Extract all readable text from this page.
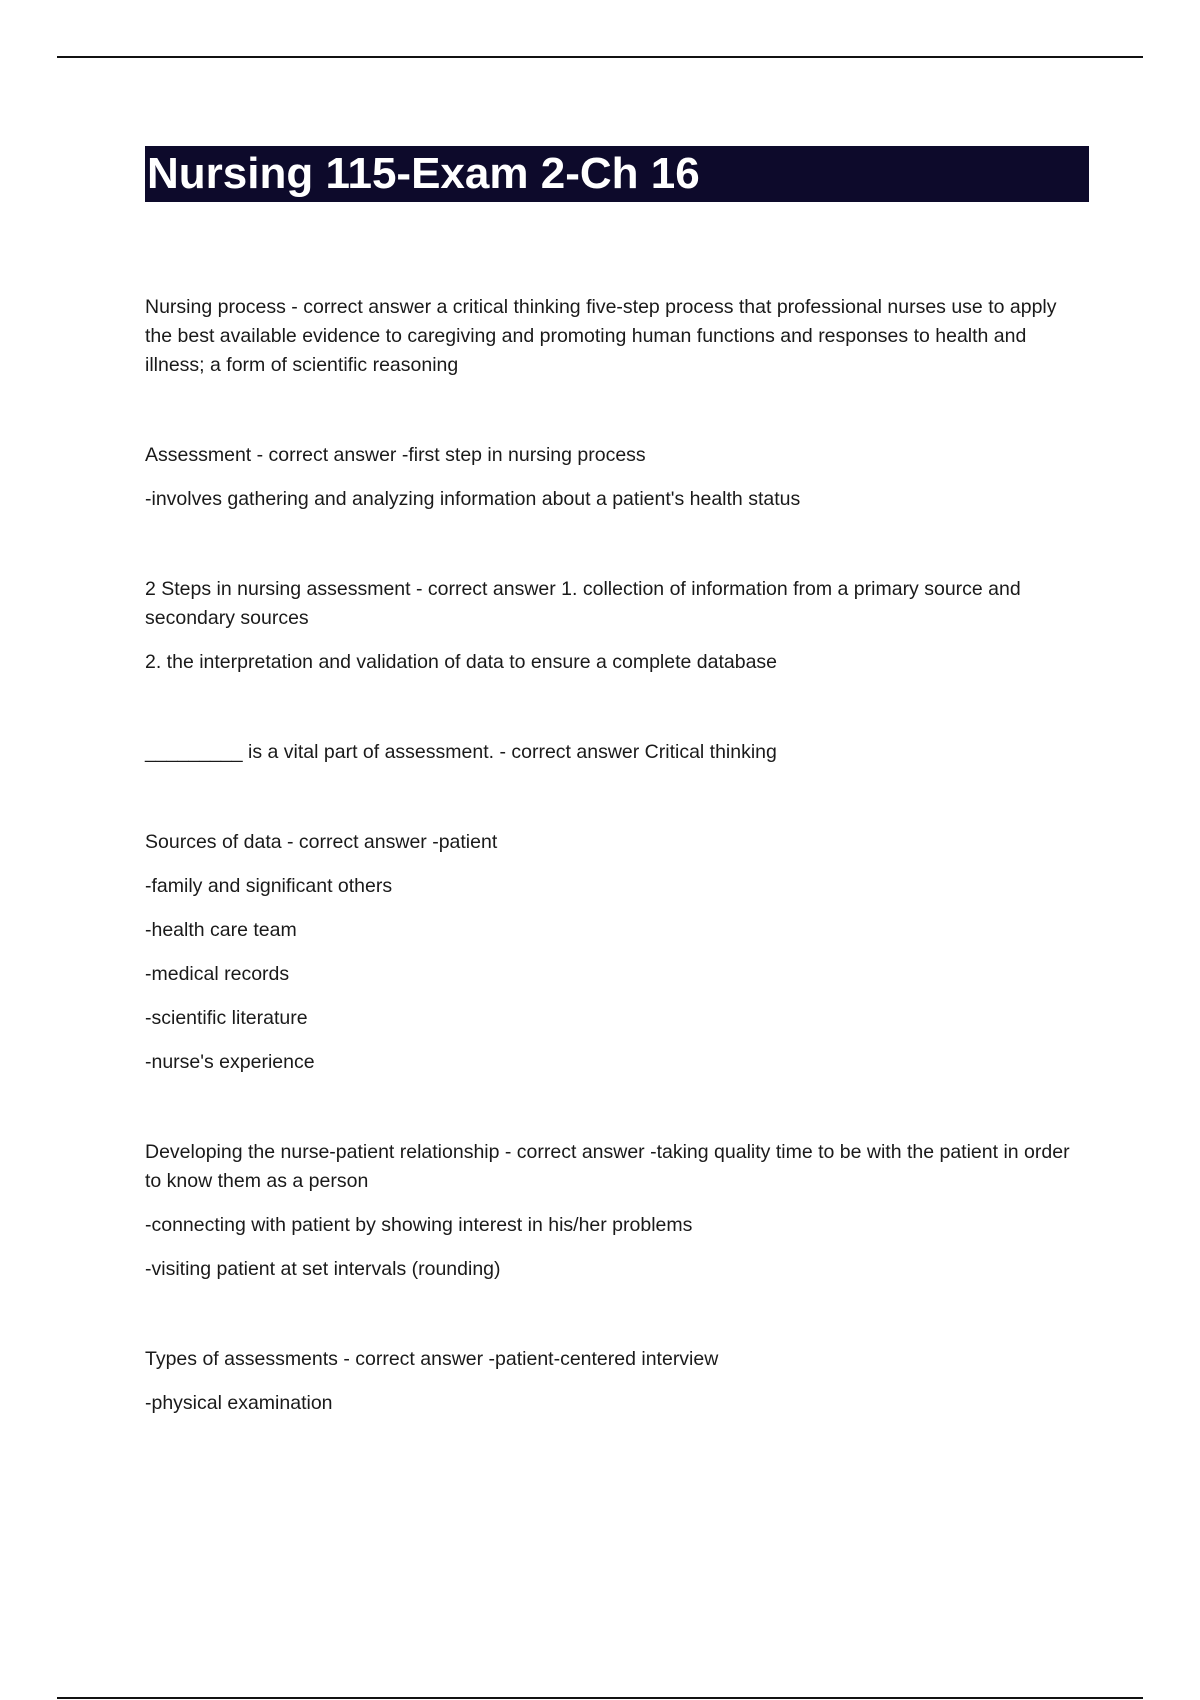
Nursing 115-Exam 2-Ch 16

Nursing process - correct answer a critical thinking five-step process that professional nurses use to apply the best available evidence to caregiving and promoting human functions and responses to health and illness; a form of scientific reasoning

Assessment - correct answer -first step in nursing process

-involves gathering and analyzing information about a patient's health status

2 Steps in nursing assessment - correct answer 1. collection of information from a primary source and secondary sources

2. the interpretation and validation of data to ensure a complete database

_________ is a vital part of assessment. - correct answer Critical thinking

Sources of data - correct answer -patient

-family and significant others

-health care team

-medical records

-scientific literature

-nurse's experience

Developing the nurse-patient relationship - correct answer -taking quality time to be with the patient in order to know them as a person

-connecting with patient by showing interest in his/her problems

-visiting patient at set intervals (rounding)

Types of assessments - correct answer -patient-centered interview

-physical examination
